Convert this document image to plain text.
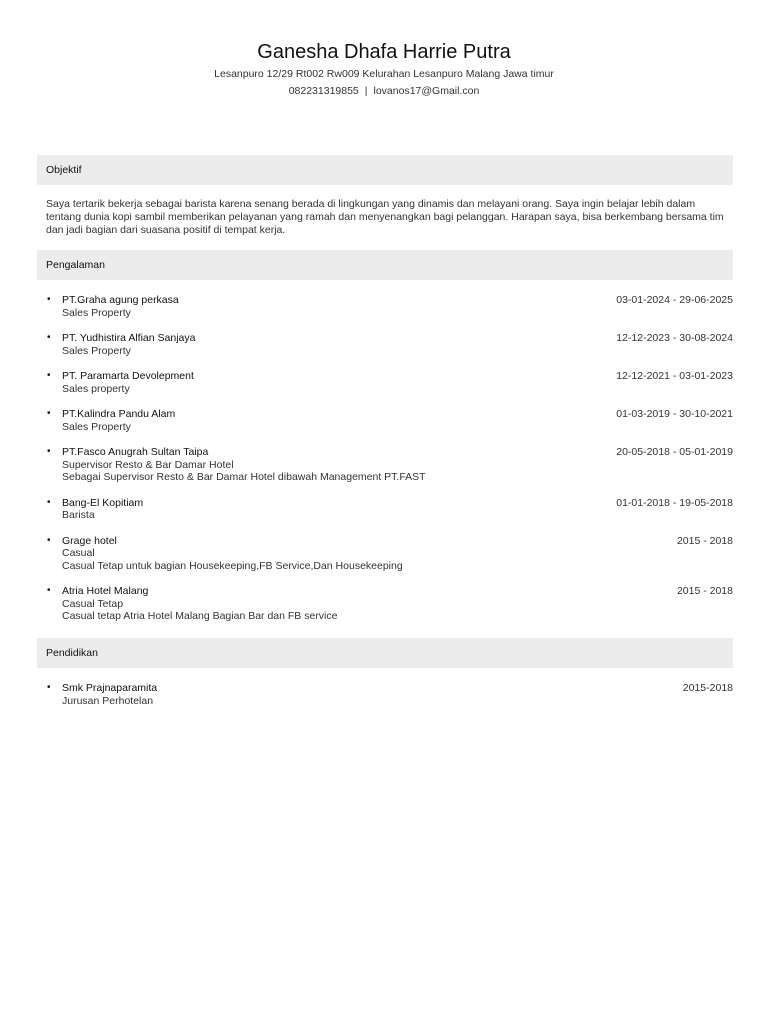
Ganesha Dhafa Harrie Putra
Lesanpuro 12/29 Rt002 Rw009 Kelurahan Lesanpuro Malang Jawa timur
082231319855 | lovanos17@Gmail.con
Objektif
Saya tertarik bekerja sebagai barista karena senang berada di lingkungan yang dinamis dan melayani orang. Saya ingin belajar lebih dalam tentang dunia kopi sambil memberikan pelayanan yang ramah dan menyenangkan bagi pelanggan. Harapan saya, bisa berkembang bersama tim dan jadi bagian dari suasana positif di tempat kerja.
Pengalaman
• PT.Graha agung perkasa	03-01-2024 - 29-06-2025
Sales Property
• PT. Yudhistira Alfian Sanjaya	12-12-2023 - 30-08-2024
Sales Property
• PT. Paramarta Devolepment	12-12-2021 - 03-01-2023
Sales property
• PT.Kalindra Pandu Alam	01-03-2019 - 30-10-2021
Sales Property
• PT.Fasco Anugrah Sultan Taipa	20-05-2018 - 05-01-2019
Supervisor Resto & Bar Damar Hotel
Sebagai Supervisor Resto & Bar Damar Hotel dibawah Management PT.FAST
• Bang-El Kopitiam	01-01-2018 - 19-05-2018
Barista
• Grage hotel	2015 - 2018
Casual
Casual Tetap untuk bagian Housekeeping,FB Service,Dan Housekeeping
• Atria Hotel Malang	2015 - 2018
Casual Tetap
Casual tetap Atria Hotel Malang Bagian Bar dan FB service
Pendidikan
• Smk Prajnaparamita	2015-2018
Jurusan Perhotelan
